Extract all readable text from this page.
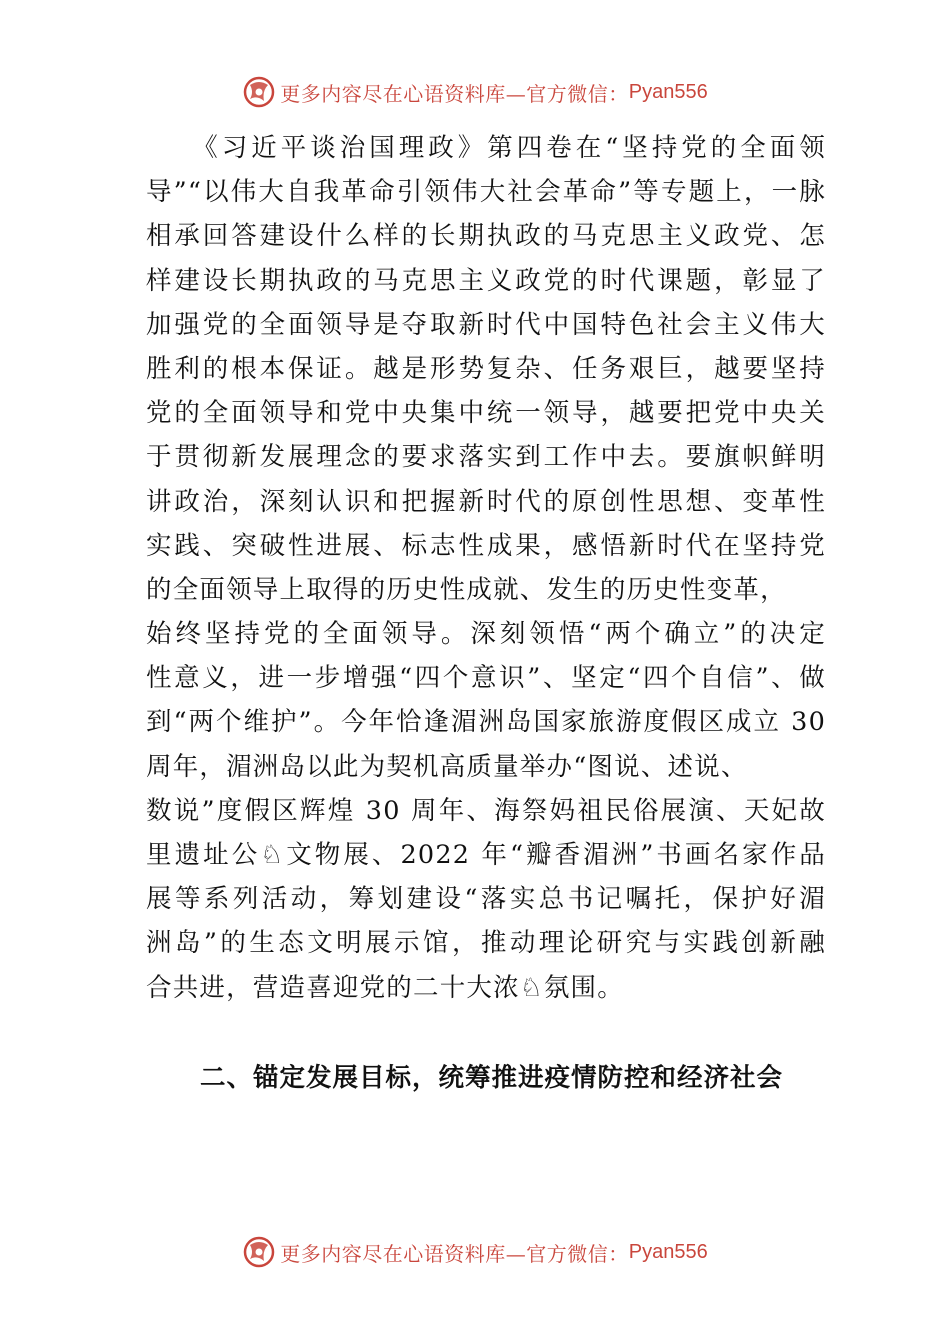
更多内容尽在心语资料库—官方微信： Pyan556
　　《习近平谈治国理政》第四卷在“坚持党的全面领
导”“以伟大自我革命引领伟大社会革命”等专题上，一脉
相承回答建设什么样的长期执政的马克思主义政党、怎
样建设长期执政的马克思主义政党的时代课题，彰显了
加强党的全面领导是夺取新时代中国特色社会主义伟大
胜利的根本保证。越是形势复杂、任务艰巨，越要坚持
党的全面领导和党中央集中统一领导，越要把党中央关
于贯彻新发展理念的要求落实到工作中去。要旗帜鲜明
讲政治，深刻认识和把握新时代的原创性思想、变革性
实践、突破性进展、标志性成果，感悟新时代在坚持党
的全面领导上取得的历史性成就、发生的历史性变革，
始终坚持党的全面领导。深刻领悟“两个确立”的决定
性意义，进一步增强“四个意识”、坚定“四个自信”、做
到“两个维护”。今年恰逢湄洲岛国家旅游度假区成立 30
周年，湄洲岛以此为契机高质量举办“图说、述说、
数说”度假区辉煌 30 周年、海祭妈祖民俗展演、天妃故
里遗址公♘文物展、2022 年“瓣香湄洲”书画名家作品
展等系列活动，筹划建设“落实总书记嘱托，保护好湄
洲岛”的生态文明展示馆，推动理论研究与实践创新融
合共进，营造喜迎党的二十大浓♘氛围。
二、锚定发展目标，统筹推进疫情防控和经济社会
更多内容尽在心语资料库—官方微信： Pyan556
